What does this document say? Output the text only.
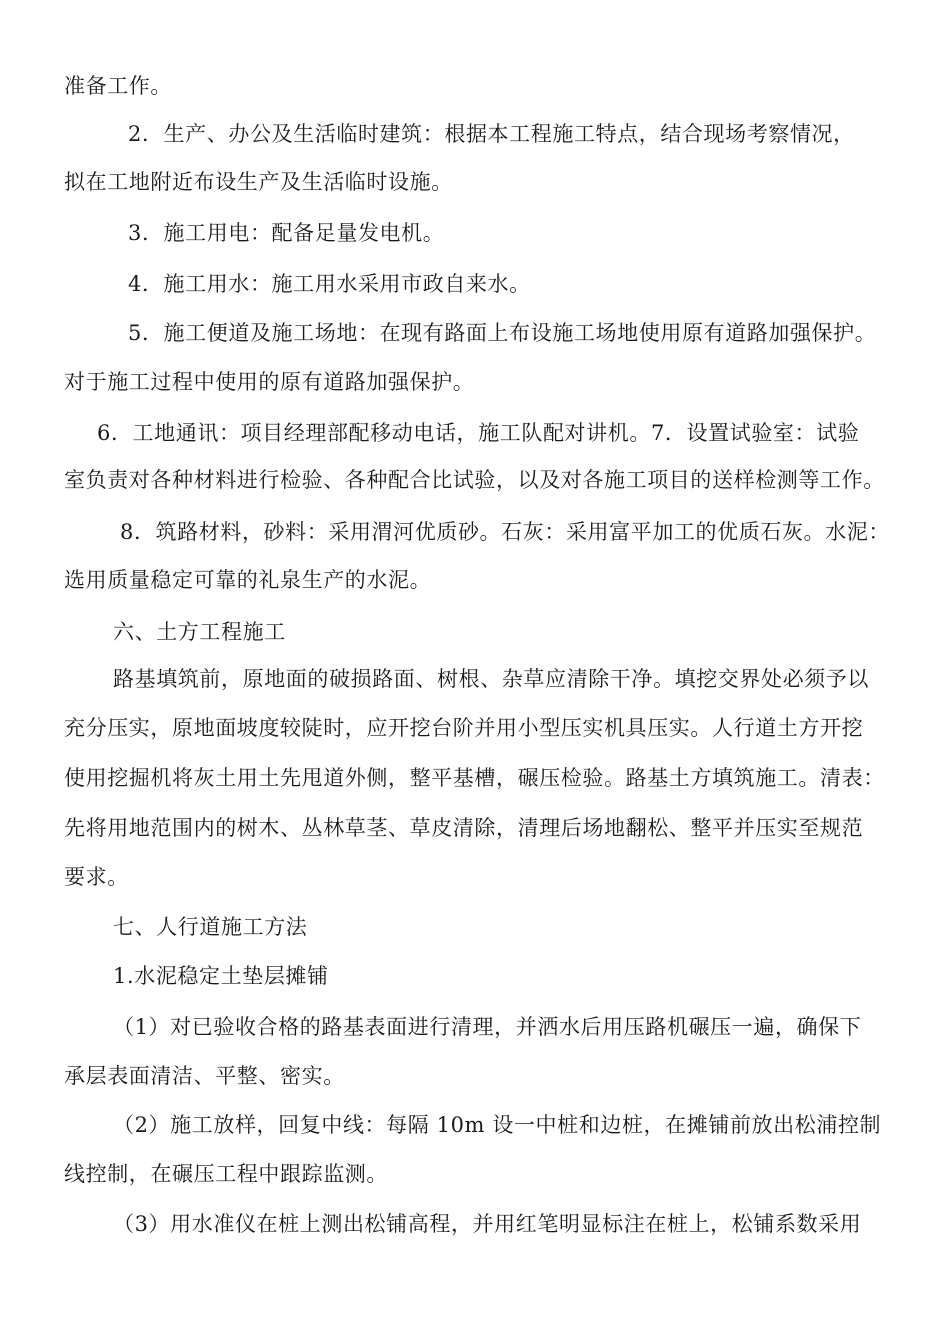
准备工作。
2．生产、办公及生活临时建筑：根据本工程施工特点，结合现场考察情况，
拟在工地附近布设生产及生活临时设施。
3．施工用电：配备足量发电机。
4．施工用水：施工用水采用市政自来水。
5．施工便道及施工场地：在现有路面上布设施工场地使用原有道路加强保护。
对于施工过程中使用的原有道路加强保护。
6．工地通讯：项目经理部配移动电话，施工队配对讲机。7．设置试验室：试验
室负责对各种材料进行检验、各种配合比试验，以及对各施工项目的送样检测等工作。
8．筑路材料，砂料：采用渭河优质砂。石灰：采用富平加工的优质石灰。水泥：
选用质量稳定可靠的礼泉生产的水泥。
六、土方工程施工
路基填筑前，原地面的破损路面、树根、杂草应清除干净。填挖交界处必须予以
充分压实，原地面坡度较陡时，应开挖台阶并用小型压实机具压实。人行道土方开挖
使用挖掘机将灰土用土先甩道外侧，整平基槽，碾压检验。路基土方填筑施工。清表：
先将用地范围内的树木、丛林草茎、草皮清除，清理后场地翻松、整平并压实至规范
要求。
七、人行道施工方法
1.水泥稳定土垫层摊铺
（1）对已验收合格的路基表面进行清理，并洒水后用压路机碾压一遍，确保下
承层表面清洁、平整、密实。
（2）施工放样，回复中线：每隔 10m 设一中桩和边桩，在摊铺前放出松浦控制
线控制，在碾压工程中跟踪监测。
（3）用水准仪在桩上测出松铺高程，并用红笔明显标注在桩上，松铺系数采用
